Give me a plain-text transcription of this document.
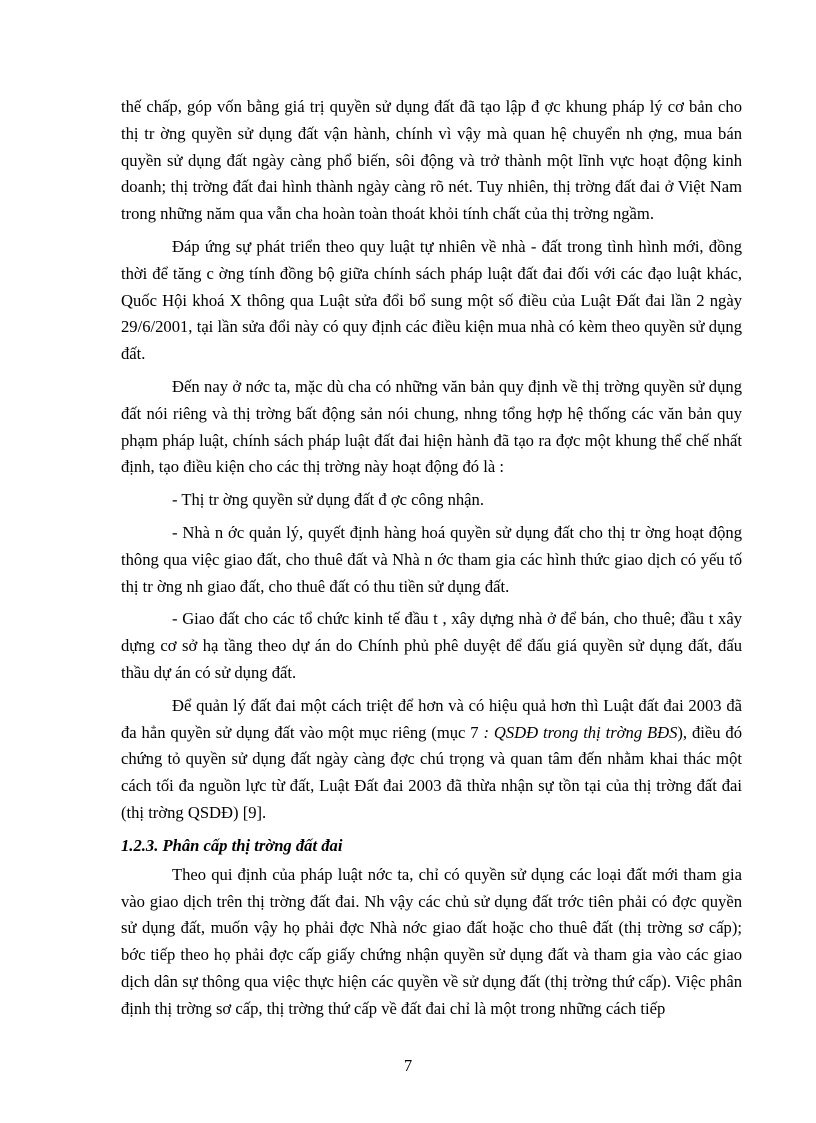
thế chấp, góp vốn bằng giá trị quyền sử dụng đất đã tạo lập đ ợc khung pháp lý cơ bản cho thị tr ờng quyền sử dụng đất vận hành, chính vì vậy mà quan hệ chuyển nh ợng, mua bán quyền sử dụng đất ngày càng phổ biến, sôi động và trở thành một lĩnh vực hoạt động kinh doanh; thị trờng đất đai hình thành ngày càng rõ nét. Tuy nhiên, thị trờng đất đai ở Việt Nam trong những năm qua vẫn cha hoàn toàn thoát khỏi tính chất của thị trờng ngầm.

Đáp ứng sự phát triển theo quy luật tự nhiên về nhà - đất trong tình hình mới, đồng thời để tăng c ờng tính đồng bộ giữa chính sách pháp luật đất đai đối với các đạo luật khác, Quốc Hội khoá X thông qua Luật sửa đổi bổ sung một số điều của Luật Đất đai lần 2 ngày 29/6/2001, tại lần sửa đổi này có quy định các điều kiện mua nhà có kèm theo quyền sử dụng đất.

Đến nay ở nớc ta, mặc dù cha có những văn bản quy định về thị trờng quyền sử dụng đất nói riêng và thị trờng bất động sản nói chung, nhng tổng hợp hệ thống các văn bản quy phạm pháp luật, chính sách pháp luật đất đai hiện hành đã tạo ra đợc một khung thể chế nhất định, tạo điều kiện cho các thị trờng này hoạt động đó là :

- Thị tr ờng quyền sử dụng đất đ ợc công nhận.

- Nhà n ớc quản lý, quyết định hàng hoá quyền sử dụng đất cho thị tr ờng hoạt động thông qua việc giao đất, cho thuê đất và Nhà n ớc tham gia các hình thức giao dịch có yếu tố thị tr ờng nh giao đất, cho thuê đất có thu tiền sử dụng đất.

- Giao đất cho các tổ chức kinh tế đầu t , xây dựng nhà ở để bán, cho thuê; đầu t xây dựng cơ sở hạ tầng theo dự án do Chính phủ phê duyệt để đấu giá quyền sử dụng đất, đấu thầu dự án có sử dụng đất.

Để quản lý đất đai một cách triệt để hơn và có hiệu quả hơn thì Luật đất đai 2003 đã đa hẳn quyền sử dụng đất vào một mục riêng (mục 7 : QSDĐ trong thị trờng BĐS), điều đó chứng tỏ quyền sử dụng đất ngày càng đợc chú trọng và quan tâm đến nhằm khai thác một cách tối đa nguồn lực từ đất, Luật Đất đai 2003 đã thừa nhận sự tồn tại của thị trờng đất đai (thị trờng QSDĐ) [9].

1.2.3. Phân cấp thị trờng đất đai

Theo qui định của pháp luật nớc ta, chỉ có quyền sử dụng các loại đất mới tham gia vào giao dịch trên thị trờng đất đai. Nh vậy các chủ sử dụng đất trớc tiên phải có đợc quyền sử dụng đất, muốn vậy họ phải đợc Nhà nớc giao đất hoặc cho thuê đất (thị trờng sơ cấp); bớc tiếp theo họ phải đợc cấp giấy chứng nhận quyền sử dụng đất và tham gia vào các giao dịch dân sự thông qua việc thực hiện các quyền về sử dụng đất (thị trờng thứ cấp). Việc phân định thị trờng sơ cấp, thị trờng thứ cấp về đất đai chỉ là một trong những cách tiếp

7
